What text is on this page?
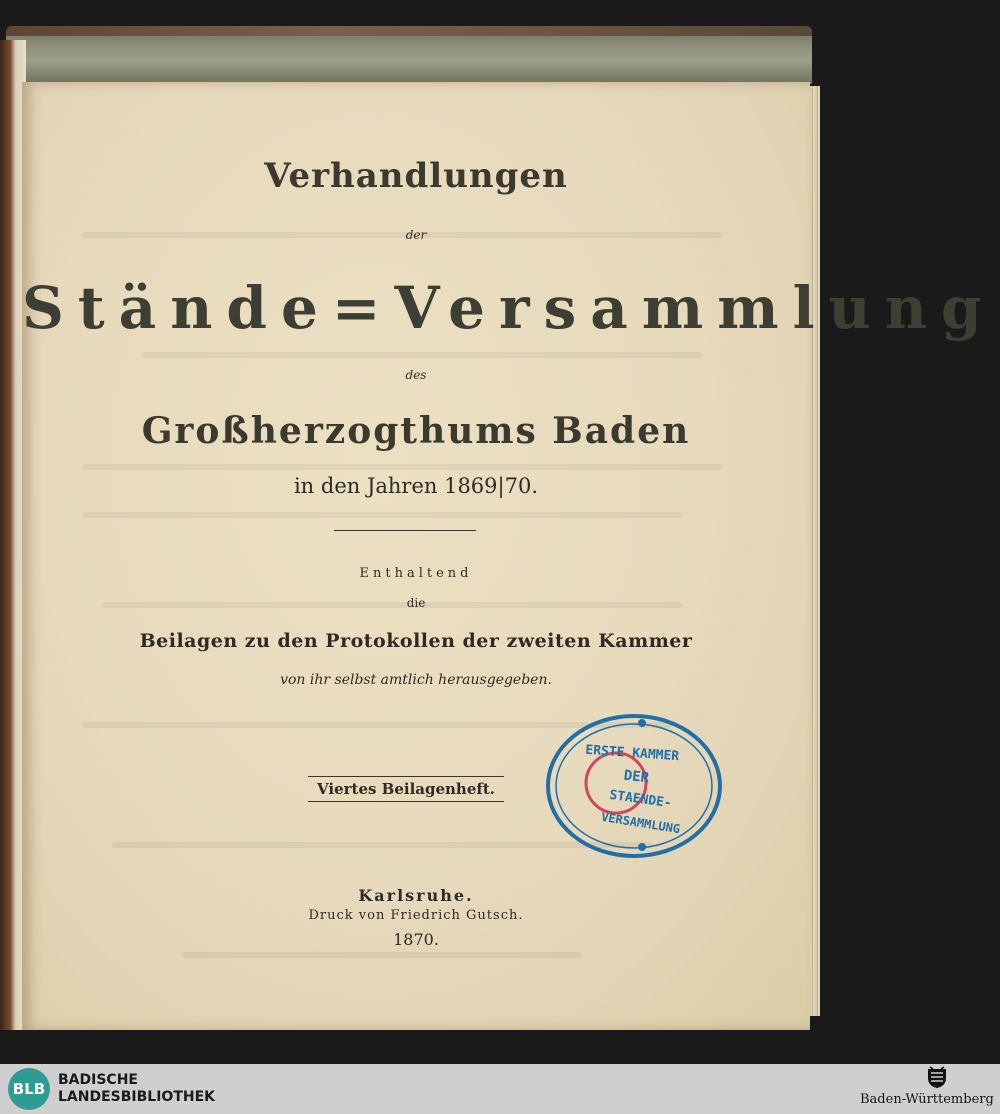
Verhandlungen
der
Stände=Versammlung
des
Großherzogthums Baden
in den Jahren 1869|70.
Enthaltend
die
Beilagen zu den Protokollen der zweiten Kammer
von ihr selbst amtlich herausgegeben.
Viertes Beilagenheft.
Karlsruhe.
Druck von Friedrich Gutsch.
1870.
ERSTE KAMMER
DER
STAENDE-
VERSAMMLUNG
BLB BADISCHE
LANDESBIBLIOTHEK	Baden-Württemberg
